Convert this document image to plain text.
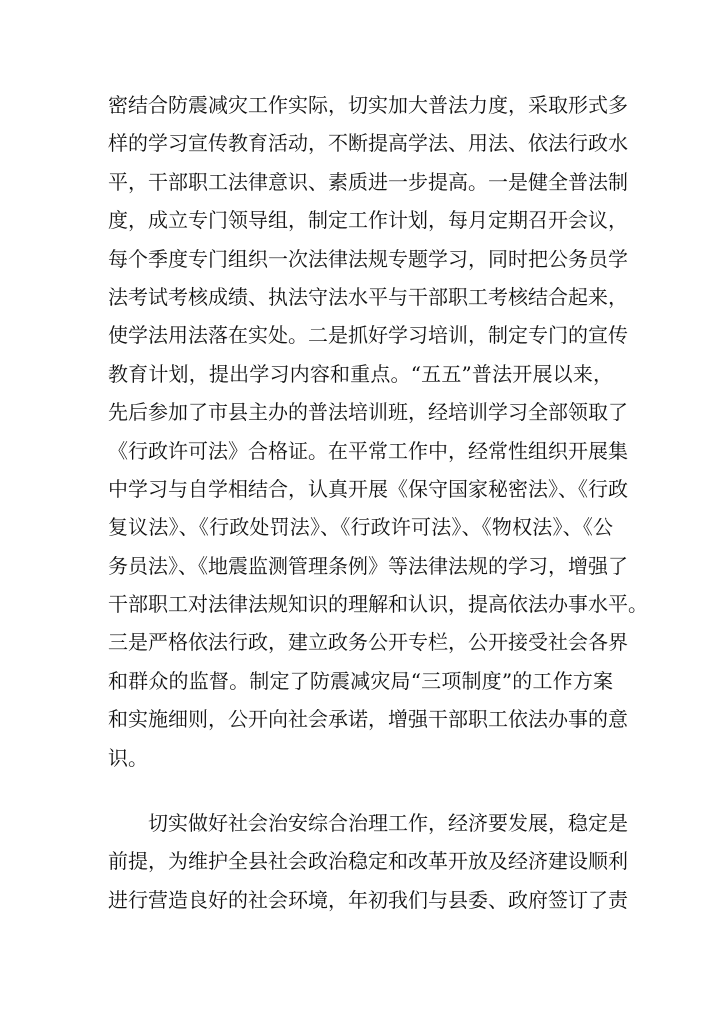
密结合防震减灾工作实际，切实加大普法力度，采取形式多
样的学习宣传教育活动，不断提高学法、用法、依法行政水
平，干部职工法律意识、素质进一步提高。一是健全普法制
度，成立专门领导组，制定工作计划，每月定期召开会议，
每个季度专门组织一次法律法规专题学习，同时把公务员学
法考试考核成绩、执法守法水平与干部职工考核结合起来，
使学法用法落在实处。二是抓好学习培训，制定专门的宣传
教育计划，提出学习内容和重点。“五五”普法开展以来，
先后参加了市县主办的普法培训班，经培训学习全部领取了
《行政许可法》合格证。在平常工作中，经常性组织开展集
中学习与自学相结合，认真开展《保守国家秘密法》、《行政
复议法》、《行政处罚法》、《行政许可法》、《物权法》、《公
务员法》、《地震监测管理条例》等法律法规的学习，增强了
干部职工对法律法规知识的理解和认识，提高依法办事水平。
三是严格依法行政，建立政务公开专栏，公开接受社会各界
和群众的监督。制定了防震减灾局“三项制度”的工作方案
和实施细则，公开向社会承诺，增强干部职工依法办事的意
识。
切实做好社会治安综合治理工作，经济要发展，稳定是
前提，为维护全县社会政治稳定和改革开放及经济建设顺利
进行营造良好的社会环境，年初我们与县委、政府签订了责
